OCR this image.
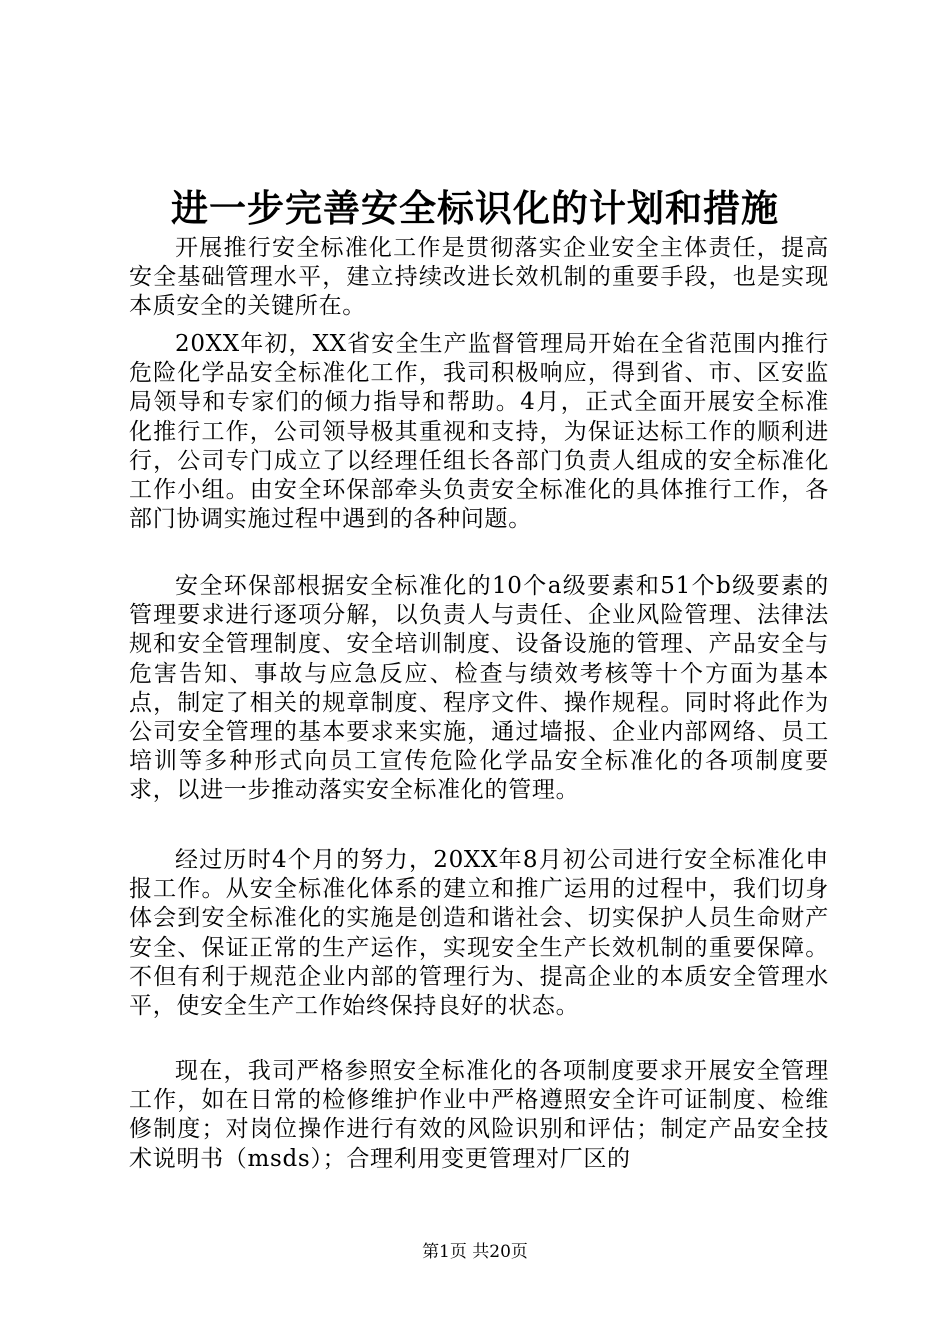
进一步完善安全标识化的计划和措施

开展推行安全标准化工作是贯彻落实企业安全主体责任，提高安全基础管理水平，建立持续改进长效机制的重要手段，也是实现本质安全的关键所在。

20XX年初，XX省安全生产监督管理局开始在全省范围内推行危险化学品安全标准化工作，我司积极响应，得到省、市、区安监局领导和专家们的倾力指导和帮助。4月，正式全面开展安全标准化推行工作，公司领导极其重视和支持，为保证达标工作的顺利进行，公司专门成立了以经理任组长各部门负责人组成的安全标准化工作小组。由安全环保部牵头负责安全标准化的具体推行工作，各部门协调实施过程中遇到的各种问题。

安全环保部根据安全标准化的10个a级要素和51个b级要素的管理要求进行逐项分解，以负责人与责任、企业风险管理、法律法规和安全管理制度、安全培训制度、设备设施的管理、产品安全与危害告知、事故与应急反应、检查与绩效考核等十个方面为基本点，制定了相关的规章制度、程序文件、操作规程。同时将此作为公司安全管理的基本要求来实施，通过墙报、企业内部网络、员工培训等多种形式向员工宣传危险化学品安全标准化的各项制度要求，以进一步推动落实安全标准化的管理。

经过历时4个月的努力，20XX年8月初公司进行安全标准化申报工作。从安全标准化体系的建立和推广运用的过程中，我们切身体会到安全标准化的实施是创造和谐社会、切实保护人员生命财产安全、保证正常的生产运作，实现安全生产长效机制的重要保障。不但有利于规范企业内部的管理行为、提高企业的本质安全管理水平，使安全生产工作始终保持良好的状态。

现在，我司严格参照安全标准化的各项制度要求开展安全管理工作，如在日常的检修维护作业中严格遵照安全许可证制度、检维修制度；对岗位操作进行有效的风险识别和评估；制定产品安全技术说明书（msds）；合理利用变更管理对厂区的

第1页 共20页
